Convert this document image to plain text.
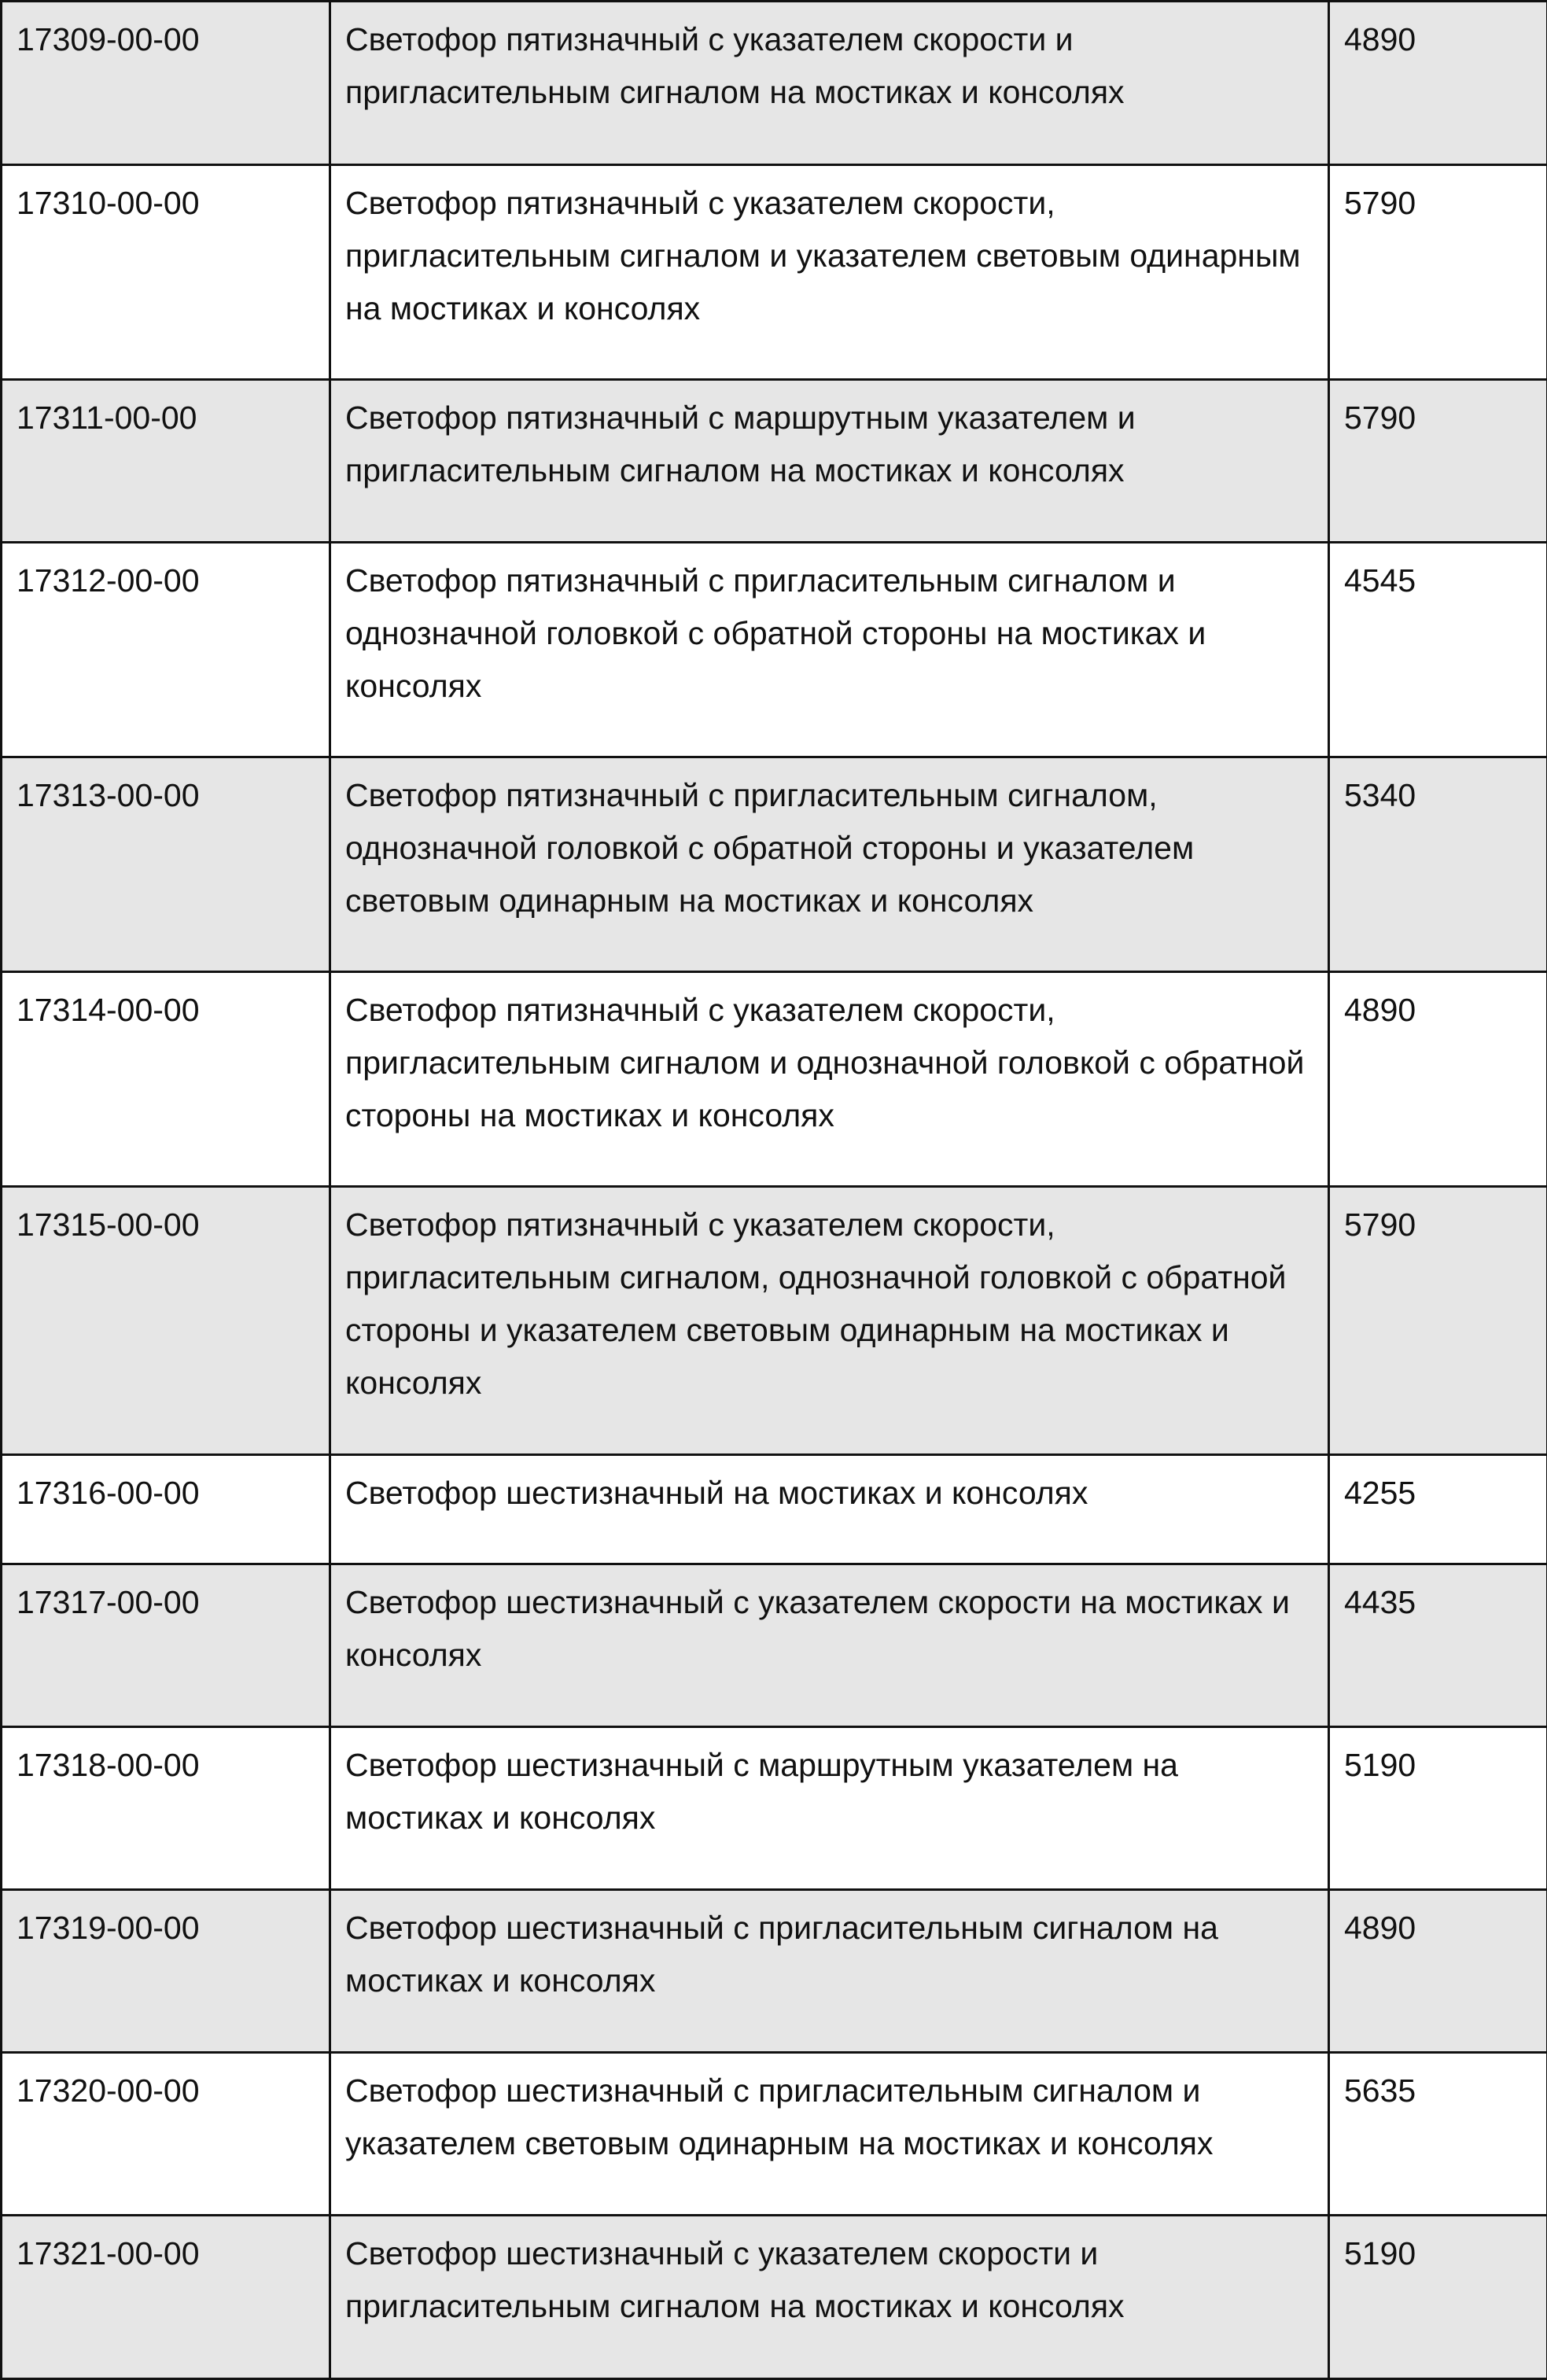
17309-00-00	Светофор пятизначный с указателем скорости и пригласительным сигналом на мостиках и консолях	4890
17310-00-00	Светофор пятизначный с указателем скорости, пригласительным сигналом и указателем световым одинарным на мостиках и консолях	5790
17311-00-00	Светофор пятизначный с маршрутным указателем и пригласительным сигналом на мостиках и консолях	5790
17312-00-00	Светофор пятизначный с пригласительным сигналом и однозначной головкой с обратной стороны на мостиках и консолях	4545
17313-00-00	Светофор пятизначный с пригласительным сигналом, однозначной головкой с обратной стороны и указателем световым одинарным на мостиках и консолях	5340
17314-00-00	Светофор пятизначный с указателем скорости, пригласительным сигналом и однозначной головкой с обратной стороны на мостиках и консолях	4890
17315-00-00	Светофор пятизначный с указателем скорости, пригласительным сигналом, однозначной головкой с обратной стороны и указателем световым одинарным на мостиках и консолях	5790
17316-00-00	Светофор шестизначный на мостиках и консолях	4255
17317-00-00	Светофор шестизначный с указателем скорости на мостиках и консолях	4435
17318-00-00	Светофор шестизначный с маршрутным указателем на мостиках и консолях	5190
17319-00-00	Светофор шестизначный с пригласительным сигналом на мостиках и консолях	4890
17320-00-00	Светофор шестизначный с пригласительным сигналом и указателем световым одинарным на мостиках и консолях	5635
17321-00-00	Светофор шестизначный с указателем скорости и пригласительным сигналом на мостиках и консолях	5190
